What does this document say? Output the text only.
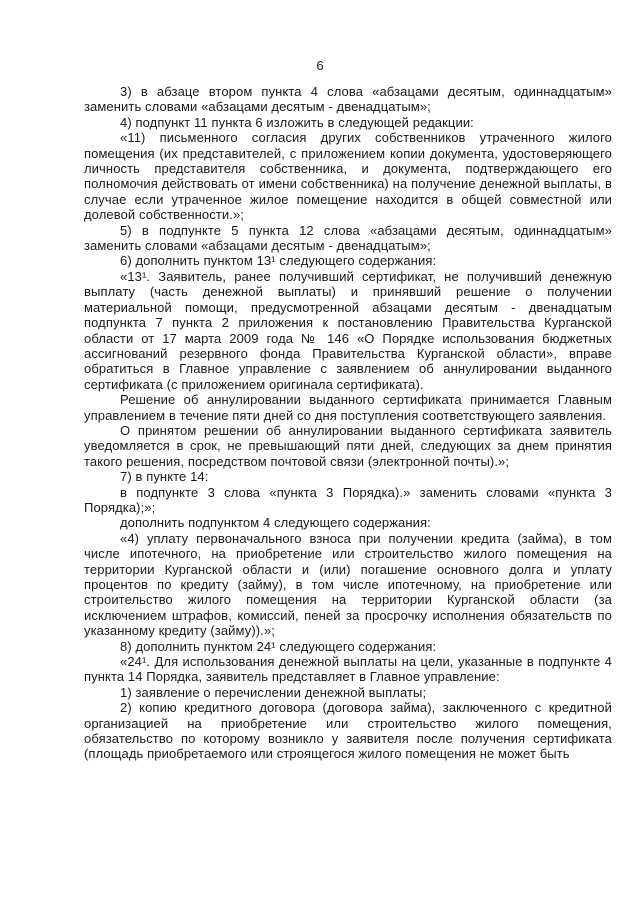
6

3) в абзаце втором пункта 4 слова «абзацами десятым, одиннадцатым» заменить словами «абзацами десятым - двенадцатым»;

4) подпункт 11 пункта 6 изложить в следующей редакции:

«11) письменного согласия других собственников утраченного жилого помещения (их представителей, с приложением копии документа, удостоверяющего личность представителя собственника, и документа, подтверждающего его полномочия действовать от имени собственника) на получение денежной выплаты, в случае если утраченное жилое помещение находится в общей совместной или долевой собственности.»;

5) в подпункте 5 пункта 12 слова «абзацами десятым, одиннадцатым» заменить словами «абзацами десятым - двенадцатым»;

6) дополнить пунктом 13¹ следующего содержания:

«13¹. Заявитель, ранее получивший сертификат, не получивший денежную выплату (часть денежной выплаты) и принявший решение о получении материальной помощи, предусмотренной абзацами десятым - двенадцатым подпункта 7 пункта 2 приложения к постановлению Правительства Курганской области от 17 марта 2009 года № 146 «О Порядке использования бюджетных ассигнований резервного фонда Правительства Курганской области», вправе обратиться в Главное управление с заявлением об аннулировании выданного сертификата (с приложением оригинала сертификата).

Решение об аннулировании выданного сертификата принимается Главным управлением в течение пяти дней со дня поступления соответствующего заявления.

О принятом решении об аннулировании выданного сертификата заявитель уведомляется в срок, не превышающий пяти дней, следующих за днем принятия такого решения, посредством почтовой связи (электронной почты).»;

7) в пункте 14:

в подпункте 3 слова «пункта 3 Порядка).» заменить словами «пункта 3 Порядка);»;

дополнить подпунктом 4 следующего содержания:

«4) уплату первоначального взноса при получении кредита (займа), в том числе ипотечного, на приобретение или строительство жилого помещения на территории Курганской области и (или) погашение основного долга и уплату процентов по кредиту (займу), в том числе ипотечному, на приобретение или строительство жилого помещения на территории Курганской области (за исключением штрафов, комиссий, пеней за просрочку исполнения обязательств по указанному кредиту (займу)).»;

8) дополнить пунктом 24¹ следующего содержания:

«24¹. Для использования денежной выплаты на цели, указанные в подпункте 4 пункта 14 Порядка, заявитель представляет в Главное управление:

1) заявление о перечислении денежной выплаты;

2) копию кредитного договора (договора займа), заключенного с кредитной организацией на приобретение или строительство жилого помещения, обязательство по которому возникло у заявителя после получения сертификата (площадь приобретаемого или строящегося жилого помещения не может быть
